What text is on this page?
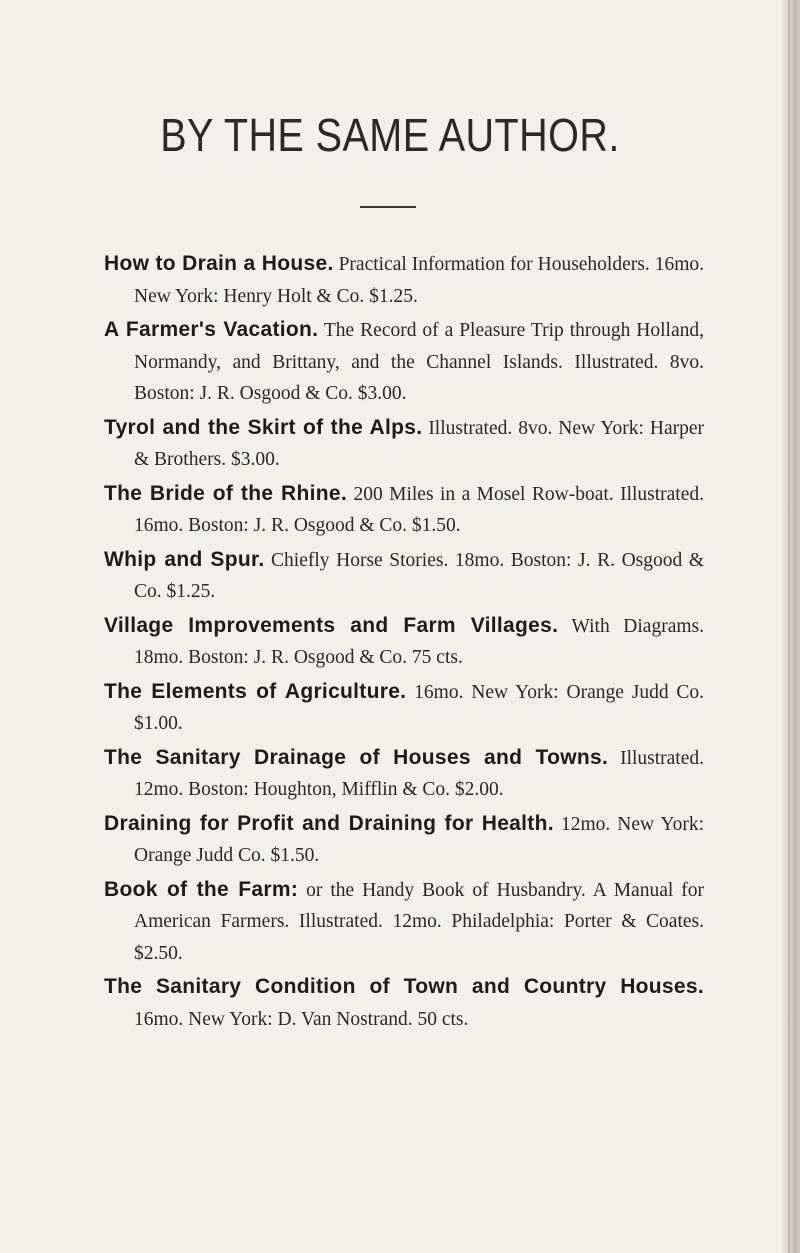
BY THE SAME AUTHOR.
How to Drain a House. Practical Information for Householders. 16mo. New York: Henry Holt & Co. $1.25.
A Farmer's Vacation. The Record of a Pleasure Trip through Holland, Normandy, and Brittany, and the Channel Islands. Illustrated. 8vo. Boston: J. R. Osgood & Co. $3.00.
Tyrol and the Skirt of the Alps. Illustrated. 8vo. New York: Harper & Brothers. $3.00.
The Bride of the Rhine. 200 Miles in a Mosel Row-boat. Illustrated. 16mo. Boston: J. R. Osgood & Co. $1.50.
Whip and Spur. Chiefly Horse Stories. 18mo. Boston: J. R. Osgood & Co. $1.25.
Village Improvements and Farm Villages. With Diagrams. 18mo. Boston: J. R. Osgood & Co. 75 cts.
The Elements of Agriculture. 16mo. New York: Orange Judd Co. $1.00.
The Sanitary Drainage of Houses and Towns. Illustrated. 12mo. Boston: Houghton, Mifflin & Co. $2.00.
Draining for Profit and Draining for Health. 12mo. New York: Orange Judd Co. $1.50.
Book of the Farm: or the Handy Book of Husbandry. A Manual for American Farmers. Illustrated. 12mo. Philadelphia: Porter & Coates. $2.50.
The Sanitary Condition of Town and Country Houses. 16mo. New York: D. Van Nostrand. 50 cts.
